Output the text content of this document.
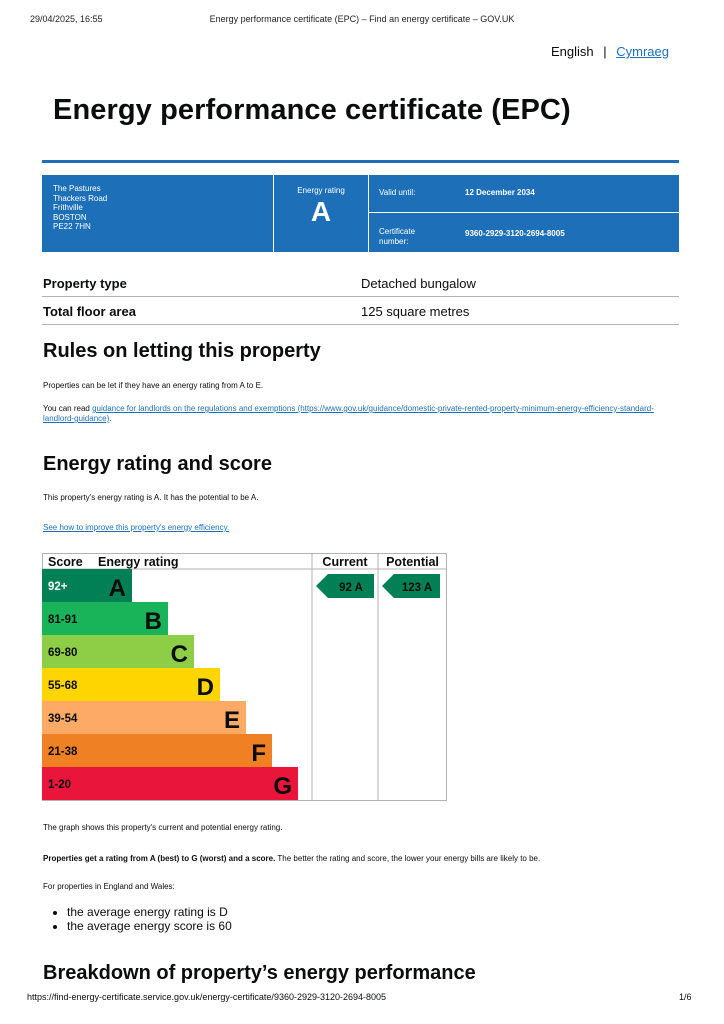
29/04/2025, 16:55	Energy performance certificate (EPC) – Find an energy certificate – GOV.UK
English | Cymraeg
Energy performance certificate (EPC)
The Pastures
Thackers Road
Frithville
BOSTON
PE22 7HN
Energy rating
A
Valid until:	12 December 2034
Certificate number:
9360-2929-3120-2694-8005
Property type	Detached bungalow
Total floor area	125 square metres
Rules on letting this property
Properties can be let if they have an energy rating from A to E.
You can read guidance for landlords on the regulations and exemptions (https://www.gov.uk/guidance/domestic-private-rented-property-minimum-energy-efficiency-standard-landlord-guidance).
Energy rating and score
This property's energy rating is A. It has the potential to be A.
See how to improve this property's energy efficiency.
Score Energy rating	Current Potential
92+ A
81-91	B
69-80	C
55-68	D
39-54	E
21-38	F
1-20	G
92 A	123 A
The graph shows this property's current and potential energy rating.
Properties get a rating from A (best) to G (worst) and a score. The better the rating and score, the lower your energy bills are likely to be.
For properties in England and Wales:
• the average energy rating is D
• the average energy score is 60
Breakdown of property’s energy performance
https://find-energy-certificate.service.gov.uk/energy-certificate/9360-2929-3120-2694-8005	1/6
